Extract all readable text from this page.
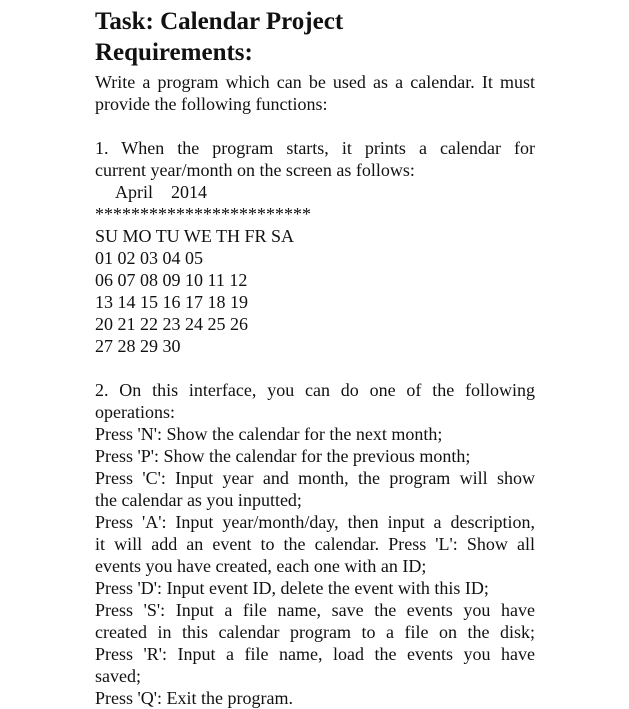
Task: Calendar Project
Requirements:

Write a program which can be used as a calendar. It must
provide the following functions:

1. When the program starts, it prints a calendar for
current year/month on the screen as follows:

April 2014
************************
SU MO TU WE TH FR SA
01 02 03 04 05
06 07 08 09 10 11 12
13 14 15 16 17 18 19
20 21 22 23 24 25 26
27 28 29 30

2. On this interface, you can do one of the following
operations:
Press 'N': Show the calendar for the next month;
Press 'P': Show the calendar for the previous month;
Press 'C': Input year and month, the program will show
the calendar as you inputted;
Press 'A': Input year/month/day, then input a description,
it will add an event to the calendar. Press 'L': Show all
events you have created, each one with an ID;
Press 'D': Input event ID, delete the event with this ID;
Press 'S': Input a file name, save the events you have
created in this calendar program to a file on the disk;
Press 'R': Input a file name, load the events you have
saved;
Press 'Q': Exit the program.
